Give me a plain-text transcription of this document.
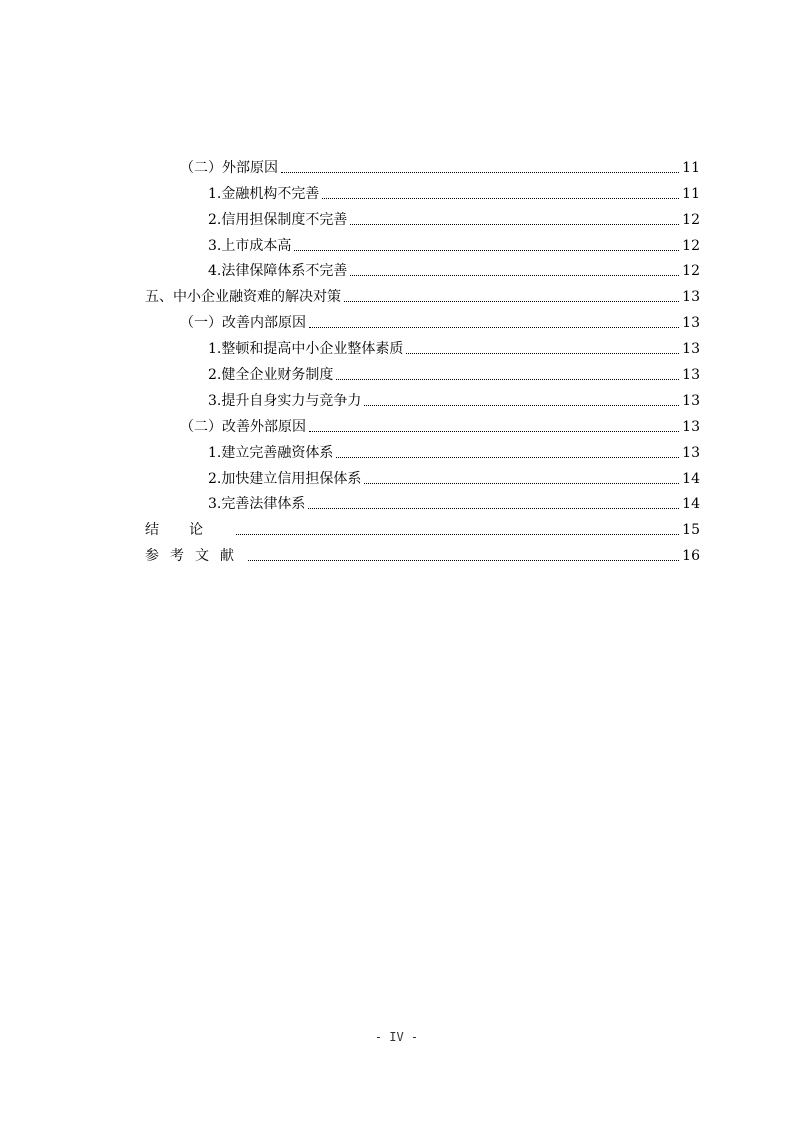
（二）外部原因	11
1.金融机构不完善	11
2.信用担保制度不完善	12
3.上市成本高	12
4.法律保障体系不完善	12
五、中小企业融资难的解决对策	13
（一）改善内部原因	13
1.整顿和提高中小企业整体素质	13
2.健全企业财务制度	13
3.提升自身实力与竞争力	13
（二）改善外部原因	13
1.建立完善融资体系	13
2.加快建立信用担保体系	14
3.完善法律体系	14
结论	15
参考文献	16
- IV -
